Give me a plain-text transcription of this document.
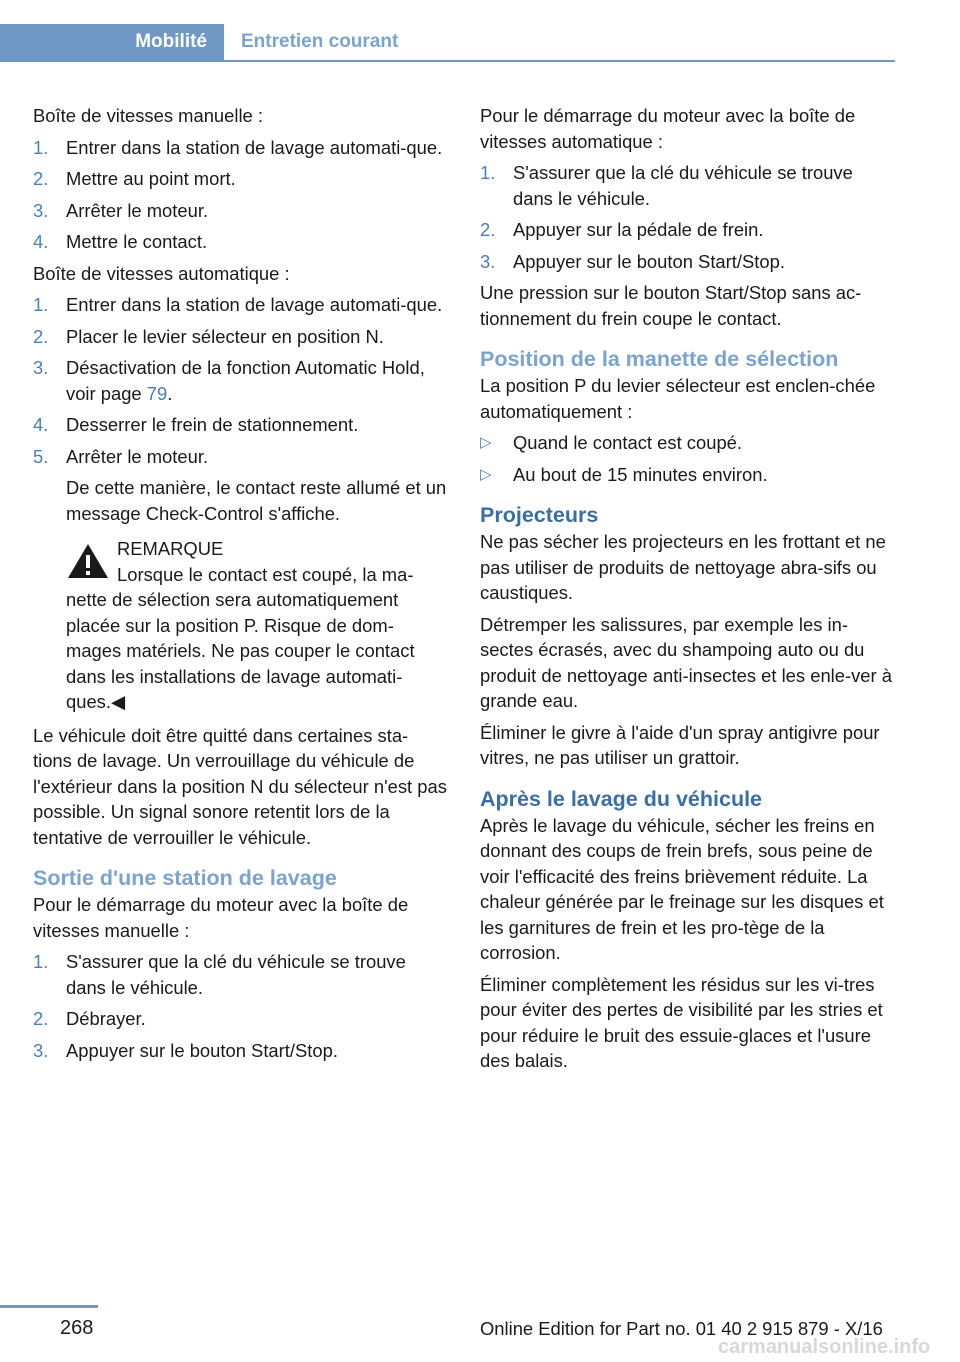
Mobilité Entretien courant

Boîte de vitesses manuelle :

1. Entrer dans la station de lavage automati‐que.
2. Mettre au point mort.
3. Arrêter le moteur.
4. Mettre le contact.

Boîte de vitesses automatique :

1. Entrer dans la station de lavage automati‐que.
2. Placer le levier sélecteur en position N.
3. Désactivation de la fonction Automatic Hold, voir page 79.
4. Desserrer le frein de stationnement.
5. Arrêter le moteur.
De cette manière, le contact reste allumé et un message Check-Control s'affiche.
REMARQUE
Lorsque le contact est coupé, la ma‐
nette de sélection sera automatiquement placée sur la position P. Risque de dom‐mages matériels. Ne pas couper le contact dans les installations de lavage automati‐ques.◀

Le véhicule doit être quitté dans certaines sta‐tions de lavage. Un verrouillage du véhicule de l'extérieur dans la position N du sélecteur n'est pas possible. Un signal sonore retentit lors de la tentative de verrouiller le véhicule.

Sortie d'une station de lavage

Pour le démarrage du moteur avec la boîte de vitesses manuelle :

1. S'assurer que la clé du véhicule se trouve dans le véhicule.
2. Débrayer.
3. Appuyer sur le bouton Start/Stop.

Pour le démarrage du moteur avec la boîte de vitesses automatique :

1. S'assurer que la clé du véhicule se trouve dans le véhicule.
2. Appuyer sur la pédale de frein.
3. Appuyer sur le bouton Start/Stop.

Une pression sur le bouton Start/Stop sans ac‐tionnement du frein coupe le contact.

Position de la manette de sélection

La position P du levier sélecteur est enclen‐chée automatiquement :

▷ Quand le contact est coupé.
▷ Au bout de 15 minutes environ.
Projecteurs

Ne pas sécher les projecteurs en les frottant et ne pas utiliser de produits de nettoyage abra‐sifs ou caustiques.

Détremper les salissures, par exemple les in‐sectes écrasés, avec du shampoing auto ou du produit de nettoyage anti-insectes et les enle‐ver à grande eau.

Éliminer le givre à l'aide d'un spray antigivre pour vitres, ne pas utiliser un grattoir.

Après le lavage du véhicule

Après le lavage du véhicule, sécher les freins en donnant des coups de frein brefs, sous peine de voir l'efficacité des freins brièvement réduite. La chaleur générée par le freinage sur les disques et les garnitures de frein et les pro‐tège de la corrosion.

Éliminer complètement les résidus sur les vi‐tres pour éviter des pertes de visibilité par les stries et pour réduire le bruit des essuie-glaces et l'usure des balais.

268	Online Edition for Part no. 01 40 2 915 879 - X/16
carmanualsonline.info
